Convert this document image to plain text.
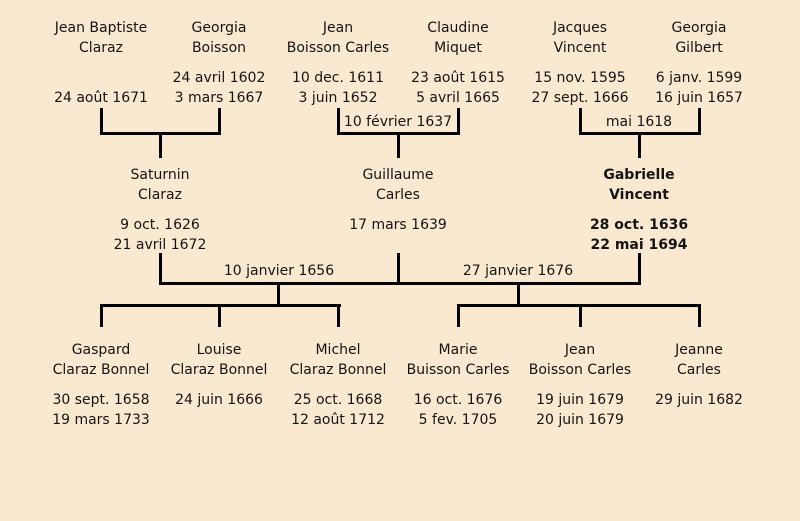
Jean Baptiste
Claraz
24 août 1671
Georgia
Boisson
24 avril 1602
3 mars 1667
Jean
Boisson Carles
10 dec. 1611
3 juin 1652
Claudine
Miquet
23 août 1615
5 avril 1665
Jacques
Vincent
15 nov. 1595
27 sept. 1666
Georgia
Gilbert
6 janv. 1599
16 juin 1657
10 février 1637	mai 1618
Saturnin
Claraz
9 oct. 1626
21 avril 1672
Guillaume
Carles
17 mars 1639
Gabrielle
Vincent
28 oct. 1636
22 mai 1694
10 janvier 1656	27 janvier 1676
Gaspard
Claraz Bonnel
30 sept. 1658
19 mars 1733
Louise
Claraz Bonnel
24 juin 1666
Michel
Claraz Bonnel
25 oct. 1668
12 août 1712
Marie
Buisson Carles
16 oct. 1676
5 fev. 1705
Jean
Boisson Carles
19 juin 1679
20 juin 1679
Jeanne
Carles
29 juin 1682
